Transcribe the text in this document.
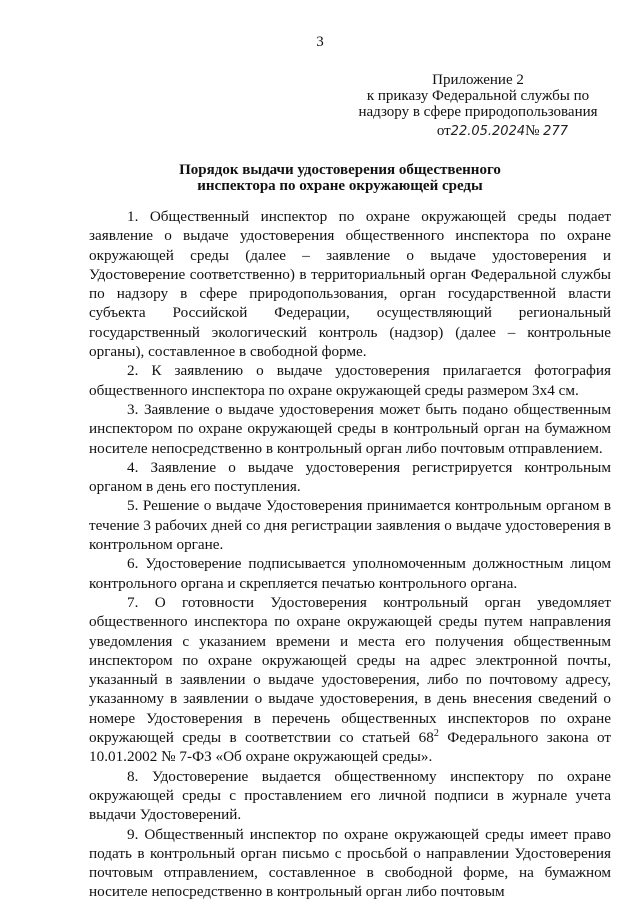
3
Приложение 2
к приказу Федеральной службы по
надзору в сфере природопользования
от22.05.2024№ 277
Порядок выдачи удостоверения общественного
инспектора по охране окружающей среды

1. Общественный инспектор по охране окружающей среды подает заявление о выдаче удостоверения общественного инспектора по охране окружающей среды (далее – заявление о выдаче удостоверения и Удостоверение соответственно) в территориальный орган Федеральной службы по надзору в сфере природопользования, орган государственной власти субъекта Российской Федерации, осуществляющий региональный государственный экологический контроль (надзор) (далее – контрольные органы), составленное в свободной форме.

2. К заявлению о выдаче удостоверения прилагается фотография общественного инспектора по охране окружающей среды размером 3х4 см.

3. Заявление о выдаче удостоверения может быть подано общественным инспектором по охране окружающей среды в контрольный орган на бумажном носителе непосредственно в контрольный орган либо почтовым отправлением.

4. Заявление о выдаче удостоверения регистрируется контрольным органом в день его поступления.

5. Решение о выдаче Удостоверения принимается контрольным органом в течение 3 рабочих дней со дня регистрации заявления о выдаче удостоверения в контрольном органе.

6. Удостоверение подписывается уполномоченным должностным лицом контрольного органа и скрепляется печатью контрольного органа.

7. О готовности Удостоверения контрольный орган уведомляет общественного инспектора по охране окружающей среды путем направления уведомления с указанием времени и места его получения общественным инспектором по охране окружающей среды на адрес электронной почты, указанный в заявлении о выдаче удостоверения, либо по почтовому адресу, указанному в заявлении о выдаче удостоверения, в день внесения сведений о номере Удостоверения в перечень общественных инспекторов по охране окружающей среды в соответствии со статьей $68^2$ Федерального закона от 10.01.2002 № 7-ФЗ «Об охране окружающей среды».

8. Удостоверение выдается общественному инспектору по охране окружающей среды с проставлением его личной подписи в журнале учета выдачи Удостоверений.

9. Общественный инспектор по охране окружающей среды имеет право подать в контрольный орган письмо с просьбой о направлении Удостоверения почтовым отправлением, составленное в свободной форме, на бумажном носителе непосредственно в контрольный орган либо почтовым
